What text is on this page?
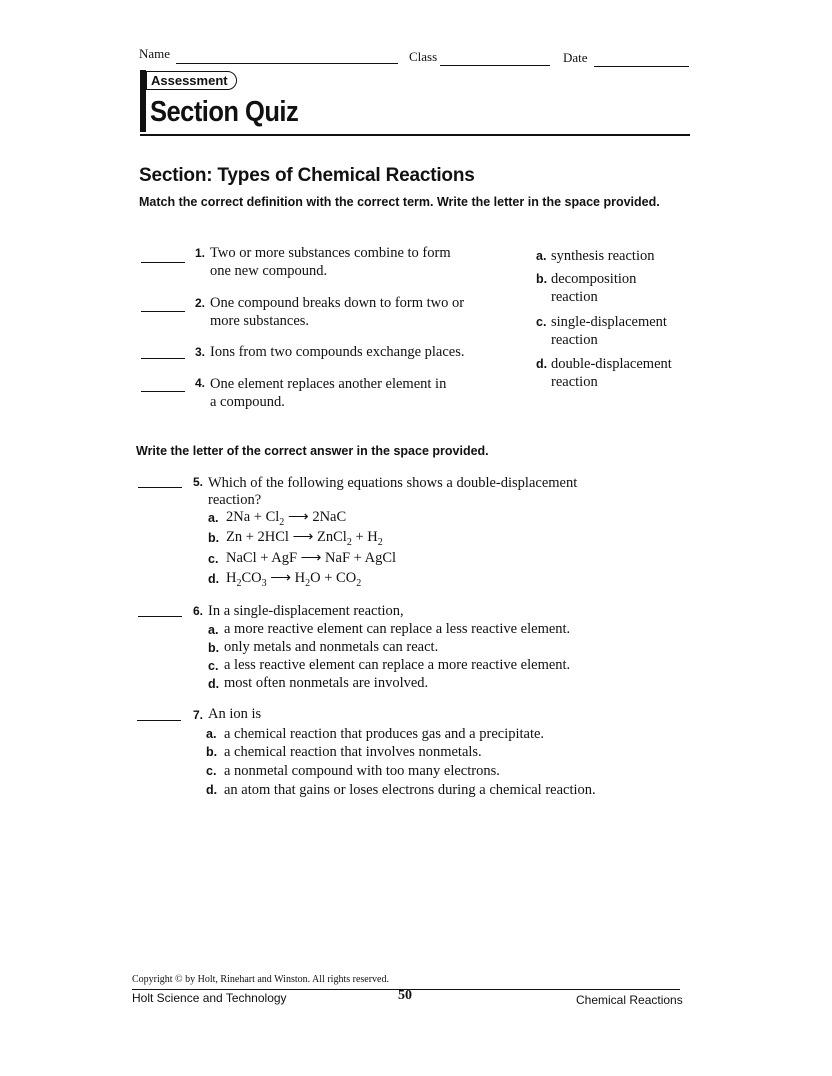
Name	Class	Date
Assessment
Section Quiz
Section: Types of Chemical Reactions
Match the correct definition with the correct term. Write the letter in the space provided.
1. Two or more substances combine to form
one new compound.
2. One compound breaks down to form two or
more substances.
3. Ions from two compounds exchange places.
4. One element replaces another element in
a compound.
a. synthesis reaction
b. decomposition
reaction
c. single-displacement
reaction
d. double-displacement
reaction
Write the letter of the correct answer in the space provided.
5. Which of the following equations shows a double-displacement
reaction?
a. $2Na + Cl_2$ ⟶ 2NaC
b. Zn + 2HCl ⟶ ZnCl$_2$ + $H_2$
c. NaCl + AgF ⟶ NaF + AgCl
d. $H_2CO_3$ ⟶ $H_2O + CO_2$
6. In a single-displacement reaction,
a. a more reactive element can replace a less reactive element.
b. only metals and nonmetals can react.
c. a less reactive element can replace a more reactive element.
d. most often nonmetals are involved.
7. An ion is
a. a chemical reaction that produces gas and a precipitate.
b. a chemical reaction that involves nonmetals.
c. a nonmetal compound with too many electrons.
d. an atom that gains or loses electrons during a chemical reaction.
Copyright © by Holt, Rinehart and Winston. All rights reserved.
Holt Science and Technology	50	Chemical Reactions
